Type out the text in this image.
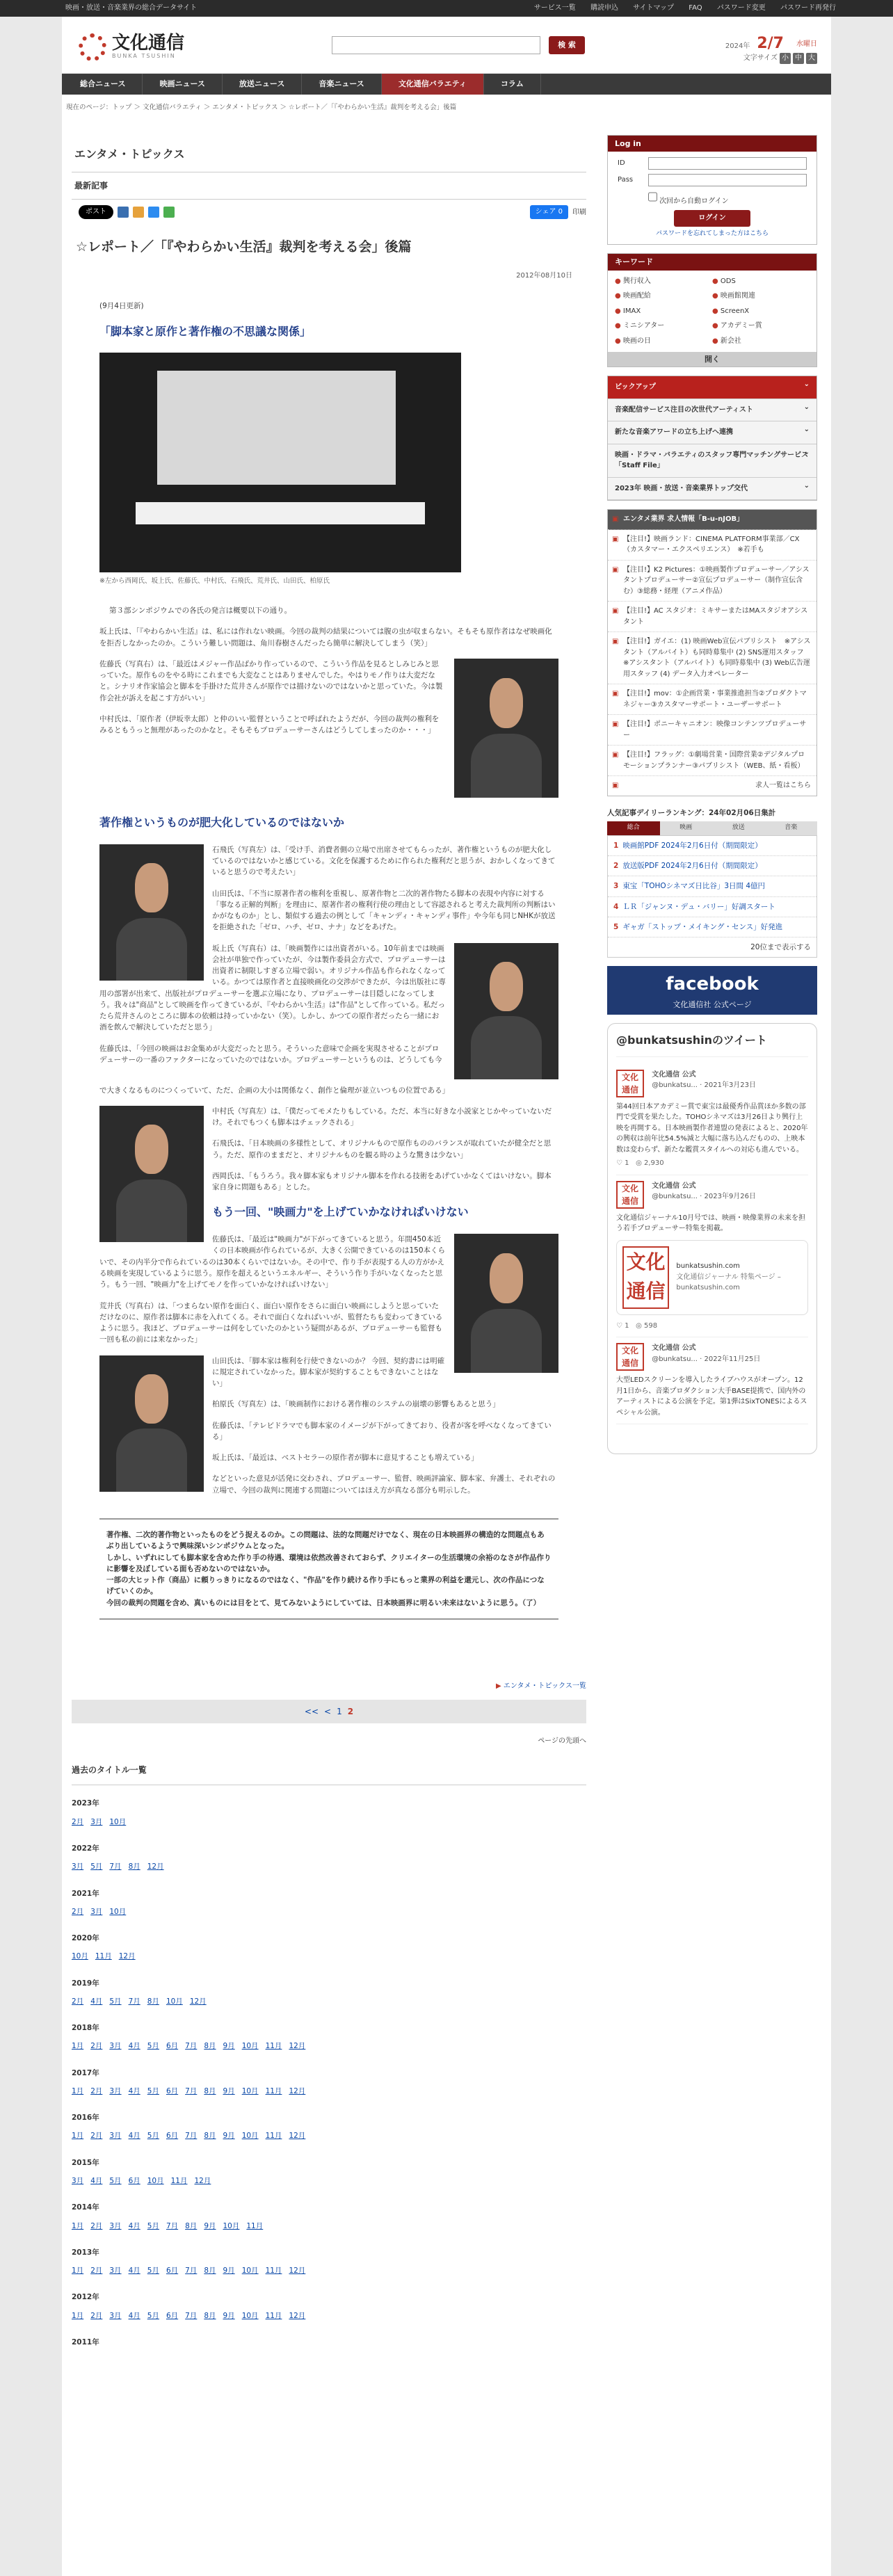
映画・放送・音楽業界の総合データサイト	サービス一覧 購読申込 サイトマップ FAQ パスワード変更 パスワード再発行
文化通信
BUNKA TSUSHIN
検 索	2024年 2/7 水曜日
文字サイズ 小 中 大
総合ニュース	映画ニュース	放送ニュース	音楽ニュース	文化通信バラエティ	コラム
現在のページ：トップ ＞ 文化通信バラエティ ＞ エンタメ・トピックス ＞ ☆レポート／「『やわらかい生活』裁判を考える会」後篇
エンタメ・トピックス
最新記事
ポスト	シェア 0	印刷
☆レポート／「『やわらかい生活』裁判を考える会」後篇
2012年08月10日

(9月4日更新)

「脚本家と原作と著作権の不思議な関係」
※左から西岡氏、坂上氏、佐藤氏、中村氏、石飛氏、荒井氏、山田氏、柏原氏

第３部シンポジウムでの各氏の発言は概要以下の通り。

坂上氏は、「『やわらかい生活』は、私には作れない映画。今回の裁判の結果については腹の虫が収まらない。そもそも原作者はなぜ映画化を拒否しなかったのか。こういう難しい問題は、角川春樹さんだったら簡単に解決してしまう（笑）」

佐藤氏（写真右）は、「最近はメジャー作品ばかり作っているので、こういう作品を見るとしみじみと思っていた。原作ものをやる時にこれまでも大変なことはありませんでした。やはりモノ作りは大変だなと。シナリオ作家協会と脚本を手掛けた荒井さんが原作では描けないのではないかと思っていた。今は製作会社が訴えを起こす方がいい」

中村氏は、「原作者（伊坂幸太郎）と仲のいい監督ということで呼ばれたようだが、今回の裁判の権利をみるともうっと無理があったのかなと。そもそもプロデューサーさんはどうしてしまったのか・・・」

著作権というものが肥大化しているのではないか

石飛氏（写真左）は、「受け手、消費者側の立場で出席させてもらったが、著作権というものが肥大化しているのではないかと感じている。文化を保護するために作られた権利だと思うが、おかしくなってきていると思うので考えたい」

山田氏は、「不当に原著作者の権利を重視し、原著作物と二次的著作物たる脚本の表現や内容に対する「事なる正解的判断」を理由に、原著作者の権利行使の理由として容認されると考えた裁判所の判断はいかがなものか」とし、類似する過去の例として「キャンディ・キャンディ事件」や今年も同じNHKが放送を拒絶された「ゼロ、ハチ、ゼロ、ナナ」などをあげた。

坂上氏（写真右）は、「映画製作には出資者がいる。10年前までは映画会社が単独で作っていたが、今は製作委員会方式で、プロデューサーは出資者に制限しすぎる立場で弱い。オリジナル作品も作られなくなっている。かつては原作者と直接映画化の交渉ができたが、今は出版社に専用の部署が出来て、出版社がプロデューサーを選ぶ立場になり、プロデューサーは目隠しになってしまう。我々は"商品"として映画を作ってきているが、『やわらかい生活』は"作品"として作っている。私だったら荒井さんのところに脚本の依頼は持っていかない（笑）。しかし、かつての原作者だったら一緒にお酒を飲んで解決していただと思う」

佐藤氏は、「今回の映画はお金集めが大変だったと思う。そういった意味で企画を実現させることがプロデューサーの一番のファクターになっていたのではないか。プロデューサーというものは、どうしても今で大きくなるものにつくっていて、ただ、企画の大小は関係なく、創作と倫理が並立いつもの位置である」

中村氏（写真左）は、「僕だってモメたりもしている。ただ、本当に好きな小説家とじかやっていないだけ。それでもつくも脚本はチェックされる」

石飛氏は、「日本映画の多様性として、オリジナルもので原作もののバランスが取れていたが健全だと思う。ただ、原作のままだと、オリジナルものを観る時のような驚きは少ない」

西岡氏は、「もうろう。我々脚本家もオリジナル脚本を作れる技術をあげていかなくてはいけない。脚本家自身に問題もある」とした。

もう一回、"映画力"を上げていかなければいけない

佐藤氏は、「最近は"映画力"が下がってきていると思う。年間450本近くの日本映画が作られているが、大きく公開できているのは150本くらいで、その内半分で作られているのは30本くらいではないか。その中で、作り手が表現する人の方がかえる映画を実現しているように思う。原作を超えるというエネルギー、そういう作り手がいなくなったと思う。もう一回、"映画力"を上げてモノを作っていかなければいけない」

荒井氏（写真右）は、「つまらない原作を面白く、面白い原作をさらに面白い映画にしようと思っていただけなのに、原作者は脚本に赤を入れてくる。それで面白くなればいいが、監督たちも変わってきているように思う。我ほど、プロデューサーは何をしていたのかという疑問があるが、プロデューサーも監督も一回も私の前には来なかった」

山田氏は、「脚本家は権利を行使できないのか？ 今回、契約書には明確に規定されていなかった。脚本家が契約することもできないことはない」

柏原氏（写真左）は、「映画制作における著作権のシステムの崩壊の影響もあると思う」

佐藤氏は、「テレビドラマでも脚本家のイメージが下がってきており、役者が客を呼べなくなってきている」

坂上氏は、「最近は、ベストセラーの原作者が脚本に意見することも増えている」

などといった意見が活発に交わされ、プロデューサー、監督、映画評論家、脚本家、弁護士、それぞれの立場で、今回の裁判に関連する問題についてはほえ方が真なる部分も明示した。

著作権、二次的著作物といったものをどう捉えるのか。この問題は、法的な問題だけでなく、現在の日本映画界の構造的な問題点もあぶり出しているようで興味深いシンポジウムとなった。
しかし、いずれにしても脚本家を含めた作り手の待遇、環境は依然改善されておらず、クリエイターの生活環境の余裕のなさが作品作りに影響を及ぼしている面も否めないのではないか。
一部の大ヒット作（商品）に頼りっきりになるのではなく、"作品"を作り続ける作り手にもっと業界の利益を還元し、次の作品につなげていくのか。
今回の裁判の問題を含め、真いものには目をとて、見てみないようにしていては、日本映画界に明るい未来はないように思う。（了）
▶ エンタメ・トピックス一覧
<< < 1 2
ページの先頭へ
過去のタイトル一覧
2023年
2月 3月 10月
2022年
3月 5月 7月 8月 12月
2021年
2月 3月 10月
2020年
10月 11月 12月
2019年
2月 4月 5月 7月 8月 10月 12月
2018年
1月 2月 3月 4月 5月 6月 7月 8月 9月 10月 11月 12月
2017年
1月 2月 3月 4月 5月 6月 7月 8月 9月 10月 11月 12月
2016年
1月 2月 3月 4月 5月 6月 7月 8月 9月 10月 11月 12月
2015年
3月 4月 5月 6月 10月 11月 12月
2014年
1月 2月 3月 4月 5月 7月 8月 9月 10月 11月
2013年
1月 2月 3月 4月 5月 6月 7月 8月 9月 10月 11月 12月
2012年
1月 2月 3月 4月 5月 6月 7月 8月 9月 10月 11月 12月
2011年
Log in
ID
Pass
次回から自動ログイン
ログイン
パスワードを忘れてしまった方はこちら
キーワード
● 興行収入	● ODS
● 映画配給	● 映画館関連
● IMAX	● ScreenX
● ミニシアター	● アカデミー賞
● 映画の日	● 新会社
開く
ピックアップ ⌄
音楽配信サービス注目の次世代アーティスト ⌄
新たな音楽アワードの立ち上げへ連携 ⌄
映画・ドラマ・バラエティのスタッフ専門マッチングサービス「Staff File」 ⌄
2023年 映画・放送・音楽業界トップ交代 ⌄
▣ エンタメ業界 求人情報「B-u-nJOB」
▣ 【注目!】映画ランド：CINEMA PLATFORM事業部／CX（カスタマー・エクスペリエンス）　※若手も
▣ 【注目!】K2 Pictures：①映画製作プロデューサー／アシスタントプロデューサー②宣伝プロデューサー（制作宣伝含む）③総務・経理（アニメ作品）
▣ 【注目!】AC スタジオ：ミキサーまたはMAスタジオアシスタント
▣ 【注目!】ガイエ：(1) 映画Web宣伝パブリシスト　※アシスタント（アルバイト）も同時募集中 (2) SNS運用スタッフ　※アシスタント（アルバイト）も同時募集中 (3) Web広告運用スタッフ (4) データ入力オペレーター
▣ 【注目!】mov：①企画営業・事業推進担当②プロダクトマネジャー③カスタマーサポート・ユーザーサポート
▣ 【注目!】ポニーキャニオン：映像コンテンツプロデューサー
▣ 【注目!】フラッグ：①劇場営業・国際営業②デジタルプロモーションプランナー③パブリシスト（WEB、紙・看板）
▣ 求人一覧はこちら
人気記事デイリーランキング：24年02月06日集計
総合	映画	放送	音楽
1 映画館PDF 2024年2月6日付（期間限定）
2 放送版PDF 2024年2月6日付（期間限定）
3 東宝「TOHOシネマズ日比谷」3日間 4億円
4 ＬＲ「ジャンヌ・デュ・バリー」好調スタート
5 ギャガ「ストップ・メイキング・センス」好発進
20位まで表示する
facebook
文化通信社 公式ページ
@bunkatsushinのツイート
文化
通信 文化通信 公式
@bunkatsu... · 2021年3月23日
第44回日本アカデミー賞で東宝は最優秀作品賞ほか多数の部門で受賞を果たした。TOHOシネマズは3月26日より興行上映を再開する。日本映画製作者連盟の発表によると、2020年の興収は前年比54.5%減と大幅に落ち込んだものの、上映本数は変わらず、新たな鑑賞スタイルへの対応も進んでいる。
♡ 1   ◎ 2,930
文化
通信 文化通信 公式
@bunkatsu... · 2023年9月26日
文化通信ジャーナル10月号では、映画・映像業界の未来を担う若手プロデューサー特集を掲載。
文化
通信
bunkatsushin.com
文化通信ジャーナル 特集ページ – bunkatsushin.com
♡ 1   ◎ 598
文化
通信 文化通信 公式
@bunkatsu... · 2022年11月25日
大型LEDスクリーンを導入したライブハウスがオープン。12月1日から、音楽プロダクション大手BASE提携で、国内外のアーティストによる公演を予定。第1弾はSixTONESによるスペシャル公演。
